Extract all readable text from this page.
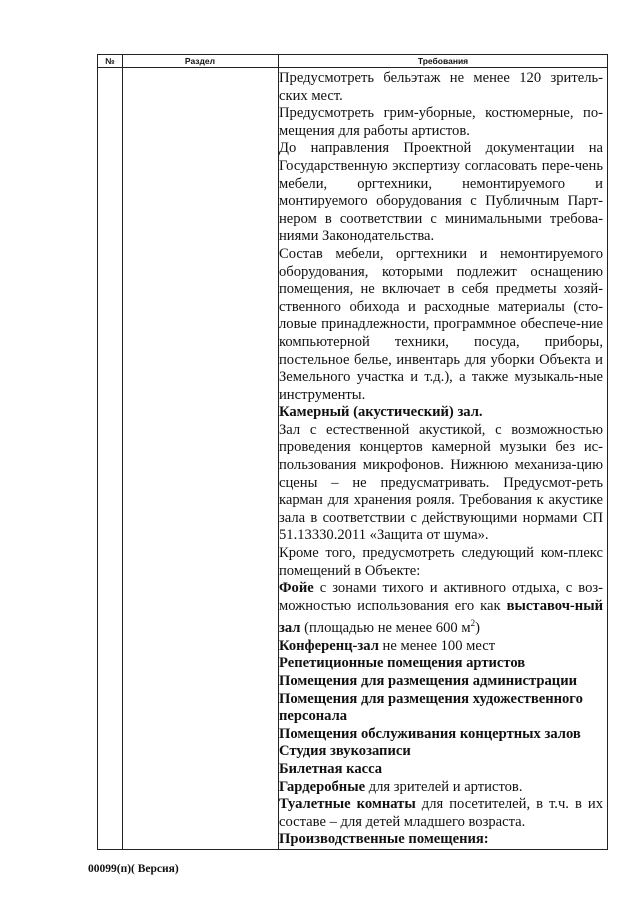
№	Раздел	Требования

Предусмотреть бельэтаж не менее 120 зритель-ских мест.

Предусмотреть грим-уборные, костюмерные, по-мещения для работы артистов.

До направления Проектной документации на Государственную экспертизу согласовать пере-чень мебели, оргтехники, немонтируемого и монтируемого оборудования с Публичным Парт-нером в соответствии с минимальными требова-ниями Законодательства.

Состав мебели, оргтехники и немонтируемого оборудования, которыми подлежит оснащению помещения, не включает в себя предметы хозяй-ственного обихода и расходные материалы (сто-ловые принадлежности, программное обеспече-ние компьютерной техники, посуда, приборы, постельное белье, инвентарь для уборки Объекта и Земельного участка и т.д.), а также музыкаль-ные инструменты.

Камерный (акустический) зал.

Зал с естественной акустикой, с возможностью проведения концертов камерной музыки без ис-пользования микрофонов. Нижнюю механиза-цию сцены – не предусматривать. Предусмот-реть карман для хранения рояля. Требования к акустике зала в соответствии с действующими нормами СП 51.13330.2011 «Защита от шума».

Кроме того, предусмотреть следующий ком-плекс помещений в Объекте:

Фойе с зонами тихого и активного отдыха, с воз-можностью использования его как выставоч-ный зал (площадью не менее 600 $м^2$)

Конференц-зал не менее 100 мест

Репетиционные помещения артистов

Помещения для размещения администрации

Помещения для размещения художественного персонала

Помещения обслуживания концертных залов

Студия звукозаписи

Билетная касса

Гардеробные для зрителей и артистов.

Туалетные комнаты для посетителей, в т.ч. в их составе – для детей младшего возраста.

Производственные помещения:

00099(п)( Версия)
